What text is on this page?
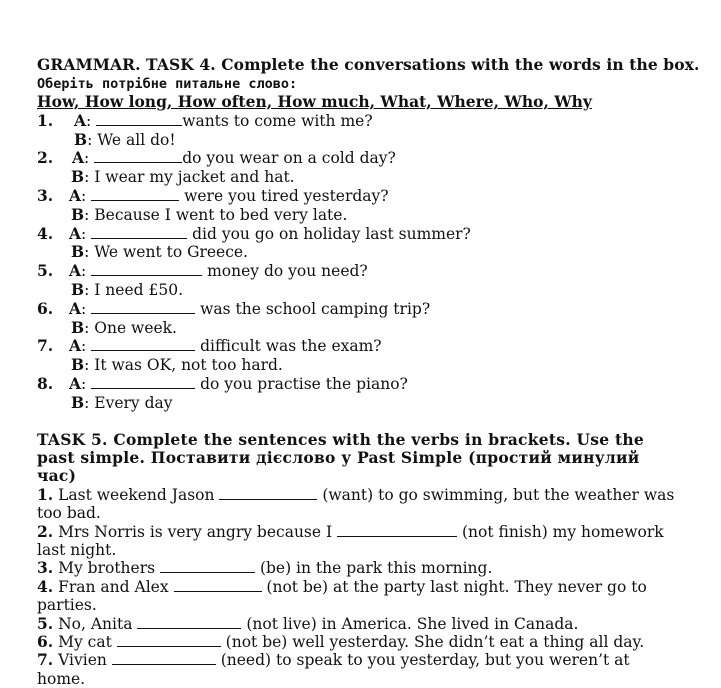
GRAMMAR. TASK 4. Complete the conversations with the words in the box.
Оберіть потрібне питальне слово:
How, How long, How often, How much, What, Where, Who, Why
1. A:	wants to come with me?
B: We all do!
2. A:	do you wear on a cold day?
B: I wear my jacket and hat.
3. A:	were you tired yesterday?
B: Because I went to bed very late.
4. A:	did you go on holiday last summer?
B: We went to Greece.
5. A:	money do you need?
B: I need £50.
6. A:	was the school camping trip?
B: One week.
7. A:	difficult was the exam?
B: It was OK, not too hard.
8. A:	do you practise the piano?
B: Every day

TASK 5. Complete the sentences with the verbs in brackets. Use the past simple. Поставити дієслово у Past Simple (простий минулий час)

1. Last weekend Jason	(want) to go swimming, but the weather was too bad.

2. Mrs Norris is very angry because I	(not finish) my homework last night.

3. My brothers	(be) in the park this morning.

4. Fran and Alex	(not be) at the party last night. They never go to parties.

5. No, Anita	(not live) in America. She lived in Canada.

6. My cat	(not be) well yesterday. She didn’t eat a thing all day.

7. Vivien	(need) to speak to you yesterday, but you weren’t at home.
